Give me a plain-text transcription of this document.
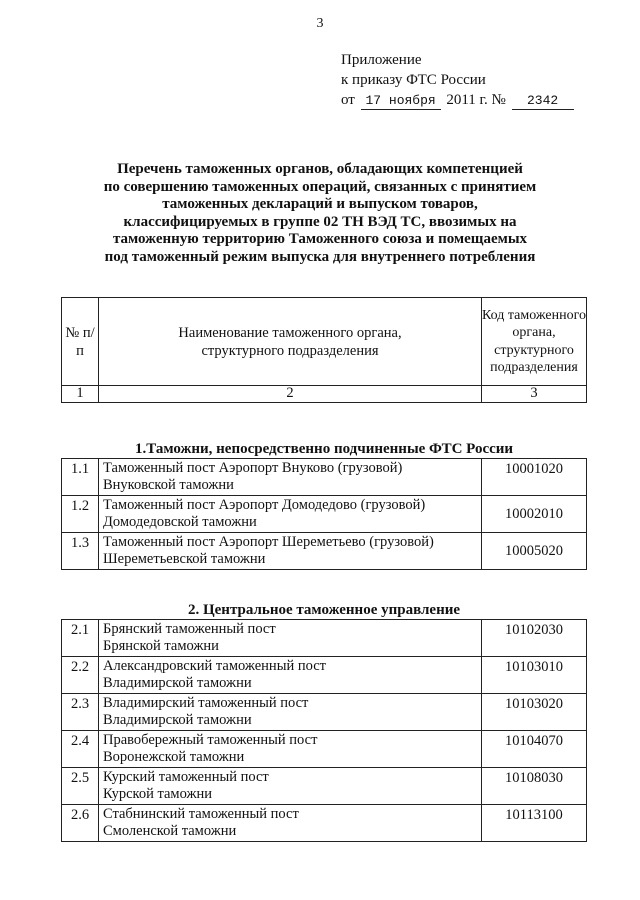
3
Приложение
к приказу ФТС России
от 17 ноября 2011 г. № 2342
Перечень таможенных органов, обладающих компетенцией
по совершению таможенных операций, связанных с принятием
таможенных деклараций и выпуском товаров,
классифицируемых в группе 02 ТН ВЭД ТС, ввозимых на
таможенную территорию Таможенного союза и помещаемых
под таможенный режим выпуска для внутреннего потребления
№ п/п	Наименование таможенного органа, структурного подразделения	Код таможенного органа, структурного подразделения
1	2	3
1.Таможни, непосредственно подчиненные ФТС России
1.1	Таможенный пост Аэропорт Внуково (грузовой)
Внуковской таможни	10001020
1.2	Таможенный пост Аэропорт Домодедово (грузовой)
Домодедовской таможни	10002010
1.3	Таможенный пост Аэропорт Шереметьево (грузовой)
Шереметьевской таможни	10005020
2. Центральное таможенное управление
2.1	Брянский таможенный пост
Брянской таможни	10102030
2.2	Александровский таможенный пост
Владимирской таможни	10103010
2.3	Владимирский таможенный пост
Владимирской таможни	10103020
2.4	Правобережный таможенный пост
Воронежской таможни	10104070
2.5	Курский таможенный пост
Курской таможни	10108030
2.6	Стабнинский таможенный пост
Смоленской таможни	10113100
